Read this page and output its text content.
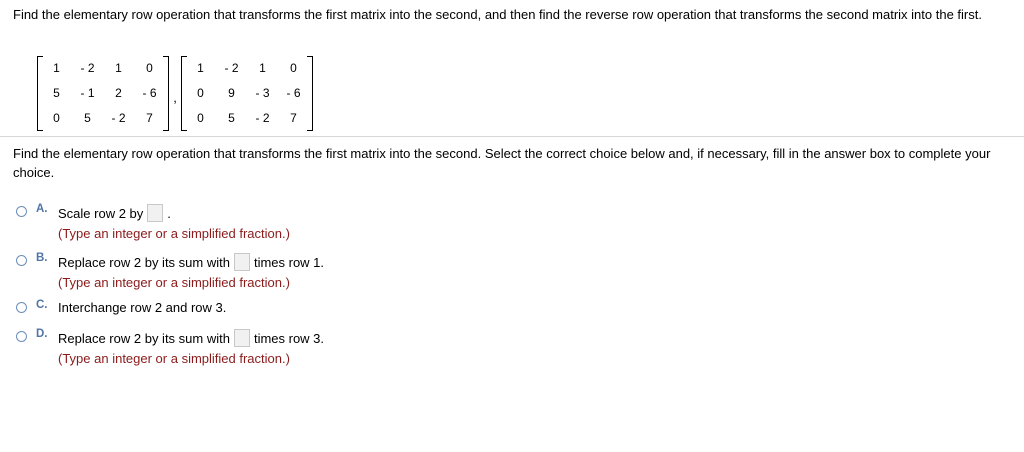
Find the elementary row operation that transforms the first matrix into the second, and then find the reverse row operation that transforms the second matrix into the first.
1	- 2	1	0
5	- 1	2	- 6
0	5	- 2	7
,
1	- 2	1	0
0	9	- 3	- 6
0	5	- 2	7
Find the elementary row operation that transforms the first matrix into the second. Select the correct choice below and, if necessary, fill in the answer box to complete your choice.
A. Scale row 2 by .
(Type an integer or a simplified fraction.)
B. Replace row 2 by its sum with times row 1.
(Type an integer or a simplified fraction.)
C. Interchange row 2 and row 3.
D. Replace row 2 by its sum with times row 3.
(Type an integer or a simplified fraction.)
